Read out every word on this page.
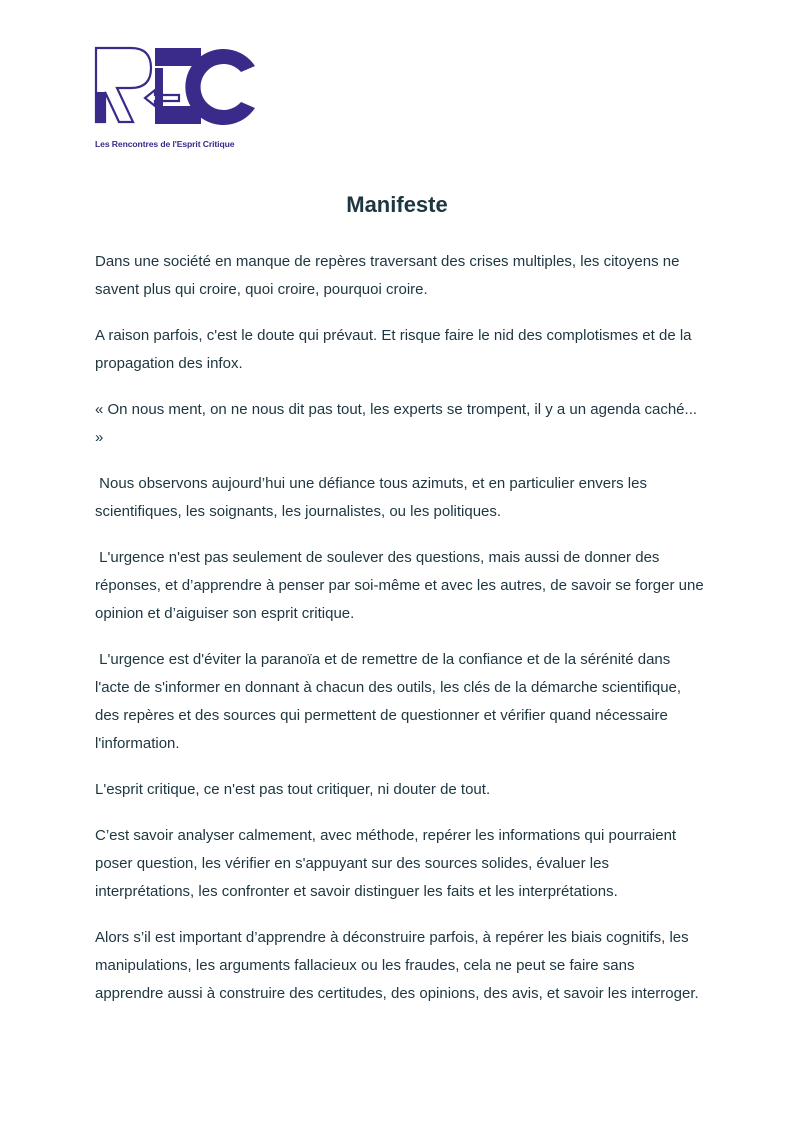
Les Rencontres de l'Esprit Critique
Manifeste

Dans une société en manque de repères traversant des crises multiples, les citoyens ne savent plus qui croire, quoi croire, pourquoi croire.

A raison parfois, c'est le doute qui prévaut. Et risque faire le nid des complotismes et de la propagation des infox.

« On nous ment, on ne nous dit pas tout, les experts se trompent, il y a un agenda caché... »

Nous observons aujourd’hui une défiance tous azimuts, et en particulier envers les scientifiques, les soignants, les journalistes, ou les politiques.

L'urgence n'est pas seulement de soulever des questions, mais aussi de donner des réponses, et d’apprendre à penser par soi-même et avec les autres, de savoir se forger une opinion et d’aiguiser son esprit critique.

L'urgence est d'éviter la paranoïa et de remettre de la confiance et de la sérénité dans l'acte de s'informer en donnant à chacun des outils, les clés de la démarche scientifique, des repères et des sources qui permettent de questionner et vérifier quand nécessaire l'information.

L'esprit critique, ce n'est pas tout critiquer, ni douter de tout.

C’est savoir analyser calmement, avec méthode, repérer les informations qui pourraient poser question, les vérifier en s'appuyant sur des sources solides, évaluer les interprétations, les confronter et savoir distinguer les faits et les interprétations.

Alors s’il est important d’apprendre à déconstruire parfois, à repérer les biais cognitifs, les manipulations, les arguments fallacieux ou les fraudes, cela ne peut se faire sans apprendre aussi à construire des certitudes, des opinions, des avis, et savoir les interroger.
